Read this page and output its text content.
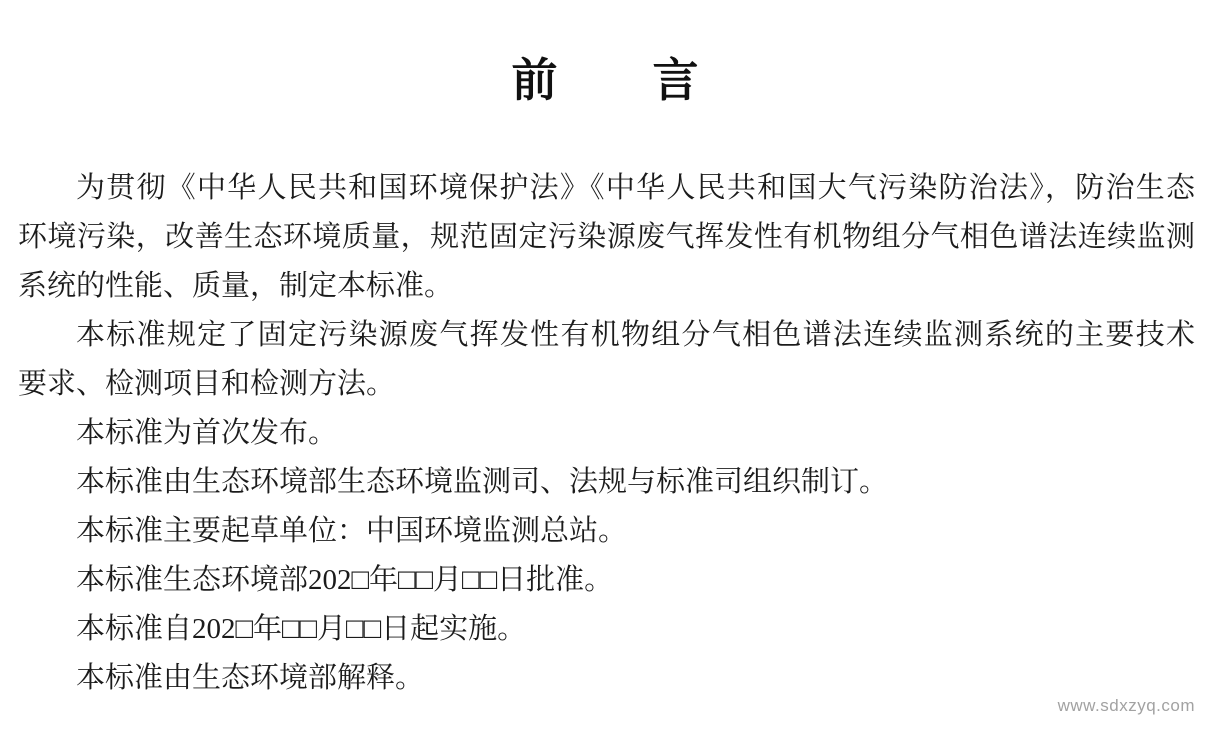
前　　言
为贯彻《中华人民共和国环境保护法》《中华人民共和国大气污染防治法》，防治生态
环境污染，改善生态环境质量，规范固定污染源废气挥发性有机物组分气相色谱法连续监测
系统的性能、质量，制定本标准。
本标准规定了固定污染源废气挥发性有机物组分气相色谱法连续监测系统的主要技术
要求、检测项目和检测方法。
本标准为首次发布。
本标准由生态环境部生态环境监测司、法规与标准司组织制订。
本标准主要起草单位：中国环境监测总站。
本标准生态环境部202□年□□月□□日批准。
本标准自202□年□□月□□日起实施。
本标准由生态环境部解释。
www.sdxzyq.com
